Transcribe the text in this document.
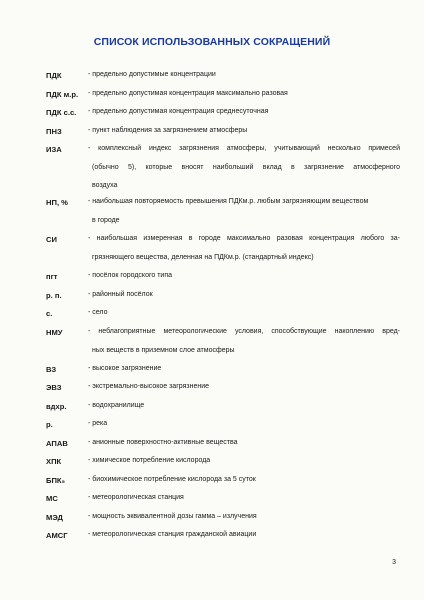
СПИСОК ИСПОЛЬЗОВАННЫХ СОКРАЩЕНИЙ
ПДК	- предельно допустимые концентрации
ПДК м.р. - предельно допустимая концентрация максимально разовая
ПДК с.с. - предельно допустимая концентрация среднесуточная
ПНЗ	- пункт наблюдения за загрязнением атмосферы
ИЗА	- комплексный индекс загрязнения атмосферы, учитывающий несколько примесей
(обычно 5), которые вносят наибольший вклад в загрязнение атмосферного
воздуха
НП, %	- наибольшая повторяемость превышения ПДКм.р. любым загрязняющим веществом
в городе
СИ	- наибольшая измеренная в городе максимально разовая концентрация любого за-
грязняющего вещества, деленная на ПДКм.р. (стандартный индекс)
пгт	- посёлок городского типа
р. п.	- районный посёлок
с.	- село
НМУ	- неблагоприятные метеорологические условия, способствующие накоплению вред-
ных веществ в приземном слое атмосферы
ВЗ	- высокое загрязнение
ЭВЗ	- экстремально-высокое загрязнение
вдхр.	- водохранилище
р.	- река
АПАВ	- анионные поверхностно-активные вещества
ХПК	- химическое потребление кислорода
БПК₅	- биохимическое потребление кислорода за 5 суток
МС	- метеорологическая станция
МЭД	- мощность эквивалентной дозы гамма – излучения
АМСГ	- метеорологическая станция гражданской авиации
3
